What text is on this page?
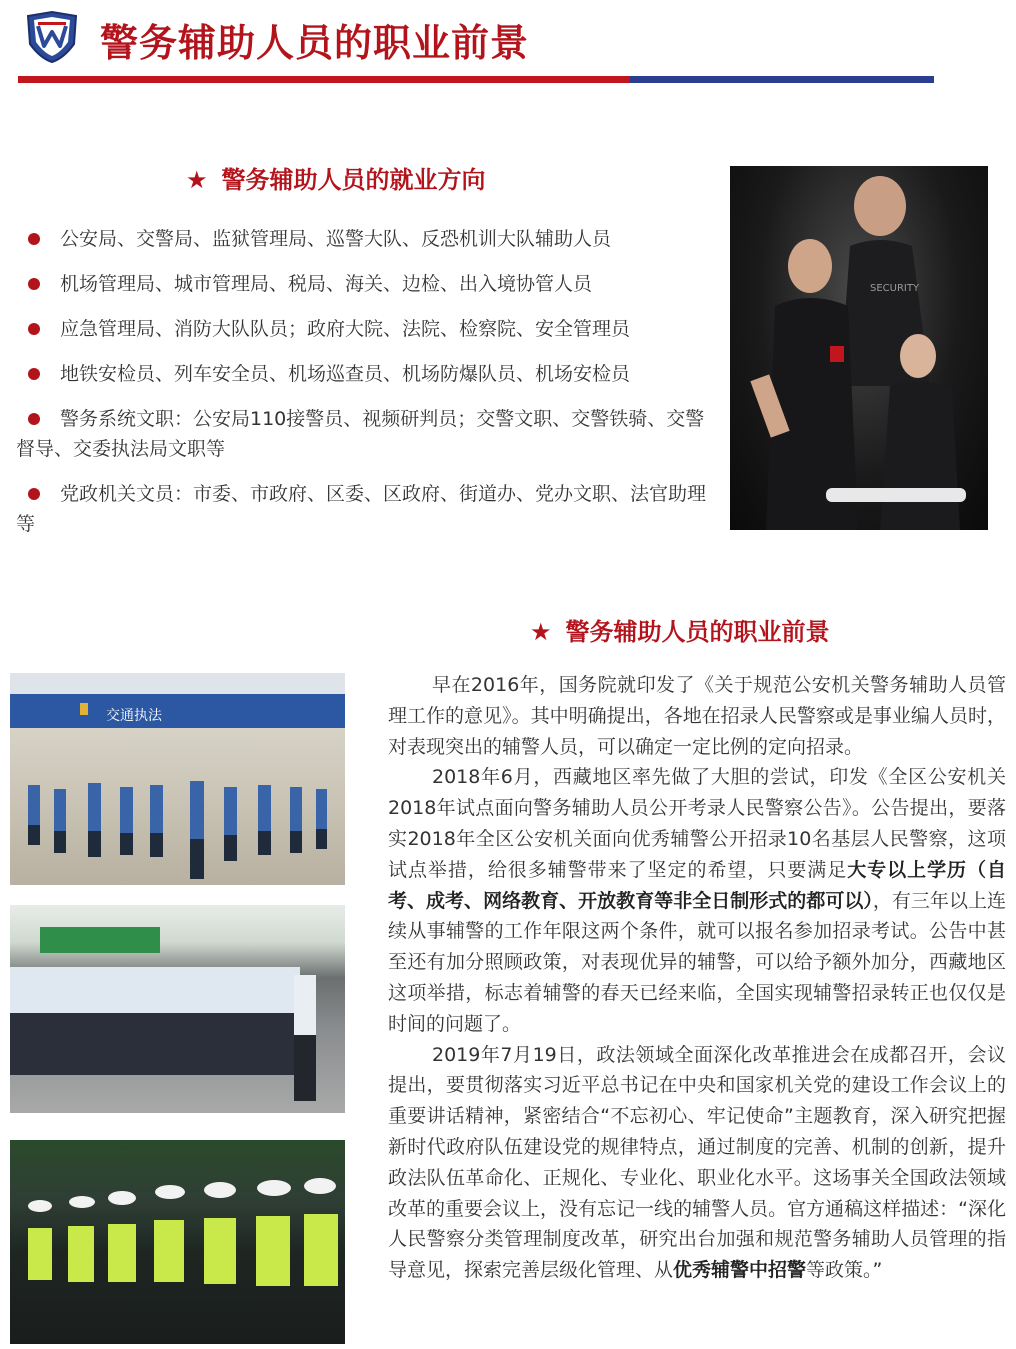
警务辅助人员的职业前景
★ 警务辅助人员的就业方向
公安局、交警局、监狱管理局、巡警大队、反恐机训大队辅助人员
机场管理局、城市管理局、税局、海关、边检、出入境协管人员
应急管理局、消防大队队员；政府大院、法院、检察院、安全管理员
地铁安检员、列车安全员、机场巡查员、机场防爆队员、机场安检员
警务系统文职：公安局110接警员、视频研判员；交警文职、交警铁骑、交警督导、交委执法局文职等
党政机关文员：市委、市政府、区委、区政府、街道办、党办文职、法官助理等
SECURITY
★ 警务辅助人员的职业前景
交通执法

早在2016年，国务院就印发了《关于规范公安机关警务辅助人员管理工作的意见》。其中明确提出，各地在招录人民警察或是事业编人员时，对表现突出的辅警人员，可以确定一定比例的定向招录。

2018年6月，西藏地区率先做了大胆的尝试，印发《全区公安机关2018年试点面向警务辅助人员公开考录人民警察公告》。公告提出，要落实2018年全区公安机关面向优秀辅警公开招录10名基层人民警察，这项试点举措，给很多辅警带来了坚定的希望，只要满足大专以上学历（自考、成考、网络教育、开放教育等非全日制形式的都可以），有三年以上连续从事辅警的工作年限这两个条件，就可以报名参加招录考试。公告中甚至还有加分照顾政策，对表现优异的辅警，可以给予额外加分，西藏地区这项举措，标志着辅警的春天已经来临，全国实现辅警招录转正也仅仅是时间的问题了。

2019年7月19日，政法领域全面深化改革推进会在成都召开，会议提出，要贯彻落实习近平总书记在中央和国家机关党的建设工作会议上的重要讲话精神，紧密结合“不忘初心、牢记使命”主题教育，深入研究把握新时代政府队伍建设党的规律特点，通过制度的完善、机制的创新，提升政法队伍革命化、正规化、专业化、职业化水平。这场事关全国政法领域改革的重要会议上，没有忘记一线的辅警人员。官方通稿这样描述：“深化人民警察分类管理制度改革，研究出台加强和规范警务辅助人员管理的指导意见，探索完善层级化管理、从优秀辅警中招警等政策。”
